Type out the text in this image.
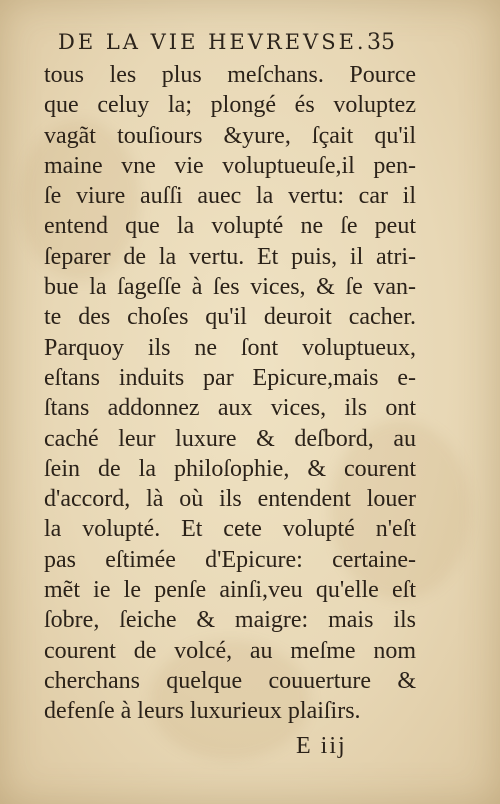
DE LA VIE HEVREVSE. 35
tous les plus meſchans. Pource
que celuy la; plongé és voluptez
vagãt touſiours &yure, ſçait qu'il
maine vne vie voluptueuſe,il pen-
ſe viure auſſi auec la vertu: car il
entend que la volupté ne ſe peut
ſeparer de la vertu. Et puis, il atri-
bue la ſageſſe à ſes vices, & ſe van-
te des choſes qu'il deuroit cacher.
Parquoy ils ne ſont voluptueux,
eſtans induits par Epicure,mais e-
ſtans addonnez aux vices, ils ont
caché leur luxure & deſbord, au
ſein de la philoſophie, & courent
d'accord, là où ils entendent louer
la volupté. Et cete volupté n'eſt
pas eſtimée d'Epicure: certaine-
mẽt ie le penſe ainſi,veu qu'elle eſt
ſobre, ſeiche & maigre: mais ils
courent de volcé, au meſme nom
cherchans quelque couuerture &
defenſe à leurs luxurieux plaiſirs.
E iij
